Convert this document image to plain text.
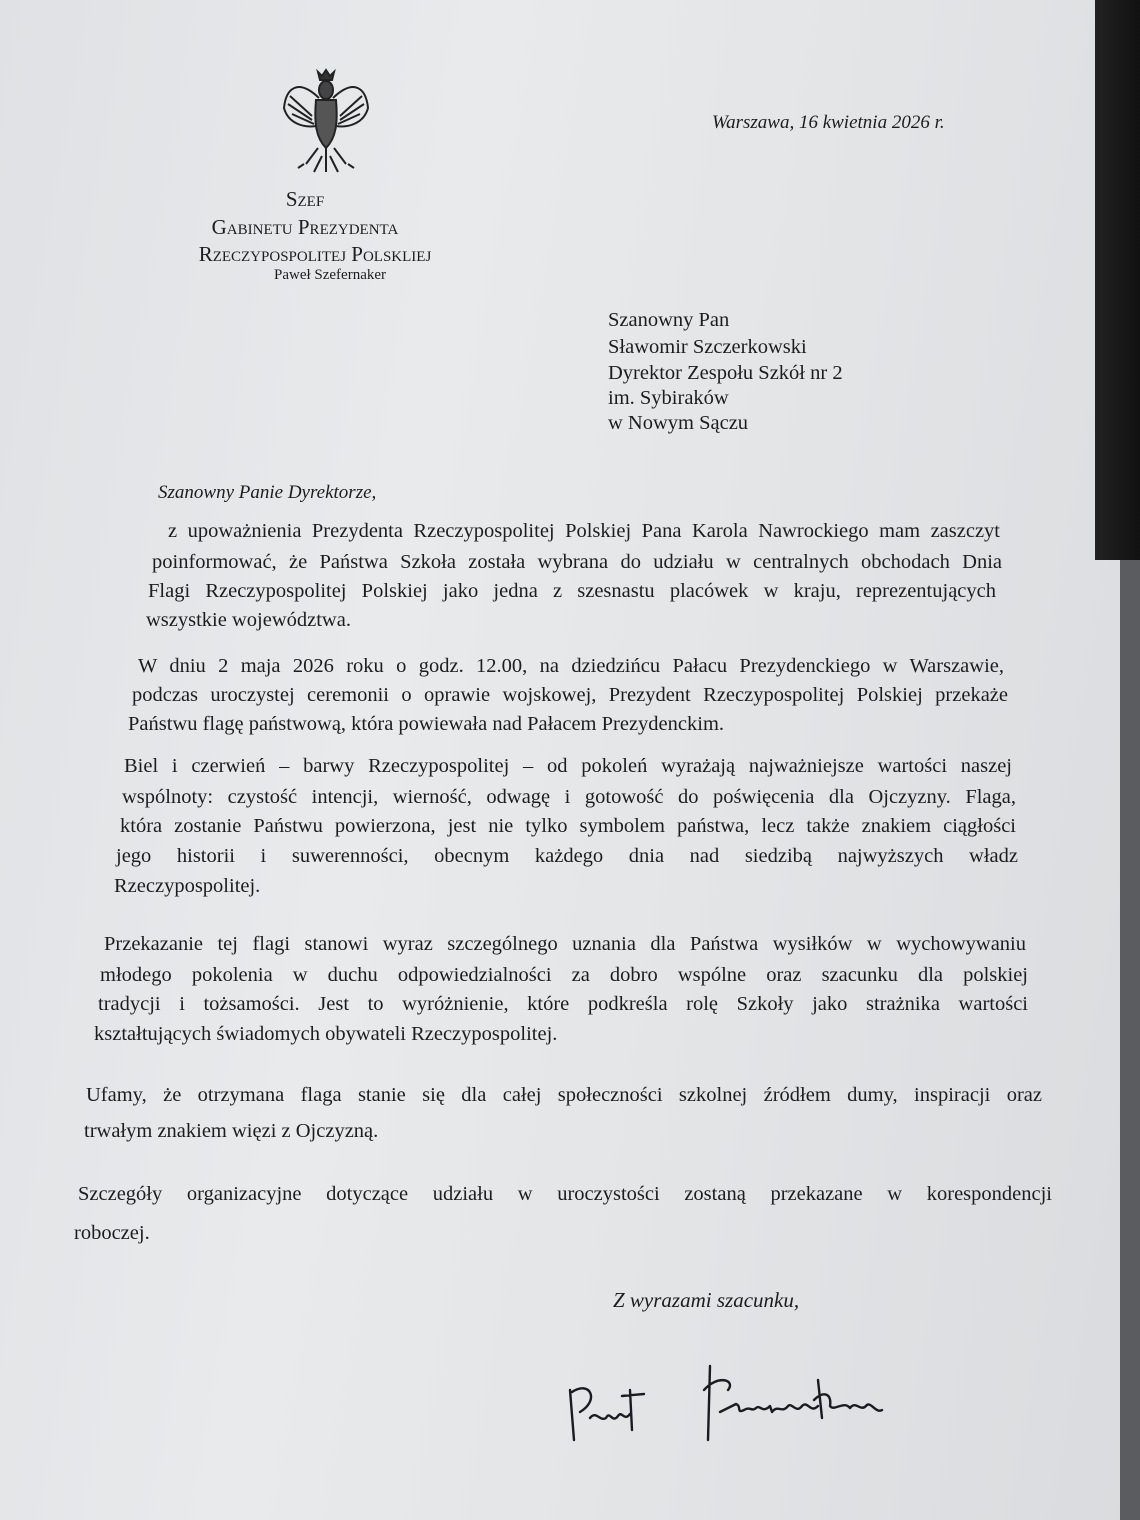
Szef
Gabinetu Prezydenta
Rzeczypospolitej Polskliej
Paweł Szefernaker
Warszawa, 16 kwietnia 2026 r.
Szanowny Pan
Sławomir Szczerkowski
Dyrektor Zespołu Szkół nr 2
im. Sybiraków
w Nowym Sączu
Szanowny Panie Dyrektorze,
z upoważnienia Prezydenta Rzeczypospolitej Polskiej Pana Karola Nawrockiego mam zaszczyt
poinformować, że Państwa Szkoła została wybrana do udziału w centralnych obchodach Dnia
Flagi Rzeczypospolitej Polskiej jako jedna z szesnastu placówek w kraju, reprezentujących
wszystkie województwa.
W dniu 2 maja 2026 roku o godz. 12.00, na dziedzińcu Pałacu Prezydenckiego w Warszawie,
podczas uroczystej ceremonii o oprawie wojskowej, Prezydent Rzeczypospolitej Polskiej przekaże
Państwu flagę państwową, która powiewała nad Pałacem Prezydenckim.
Biel i czerwień – barwy Rzeczypospolitej – od pokoleń wyrażają najważniejsze wartości naszej
wspólnoty: czystość intencji, wierność, odwagę i gotowość do poświęcenia dla Ojczyzny. Flaga,
która zostanie Państwu powierzona, jest nie tylko symbolem państwa, lecz także znakiem ciągłości
jego historii i suwerenności, obecnym każdego dnia nad siedzibą najwyższych władz
Rzeczypospolitej.
Przekazanie tej flagi stanowi wyraz szczególnego uznania dla Państwa wysiłków w wychowywaniu
młodego pokolenia w duchu odpowiedzialności za dobro wspólne oraz szacunku dla polskiej
tradycji i tożsamości. Jest to wyróżnienie, które podkreśla rolę Szkoły jako strażnika wartości
kształtujących świadomych obywateli Rzeczypospolitej.
Ufamy, że otrzymana flaga stanie się dla całej społeczności szkolnej źródłem dumy, inspiracji oraz
trwałym znakiem więzi z Ojczyzną.
Szczegóły organizacyjne dotyczące udziału w uroczystości zostaną przekazane w korespondencji
roboczej.
Z wyrazami szacunku,
